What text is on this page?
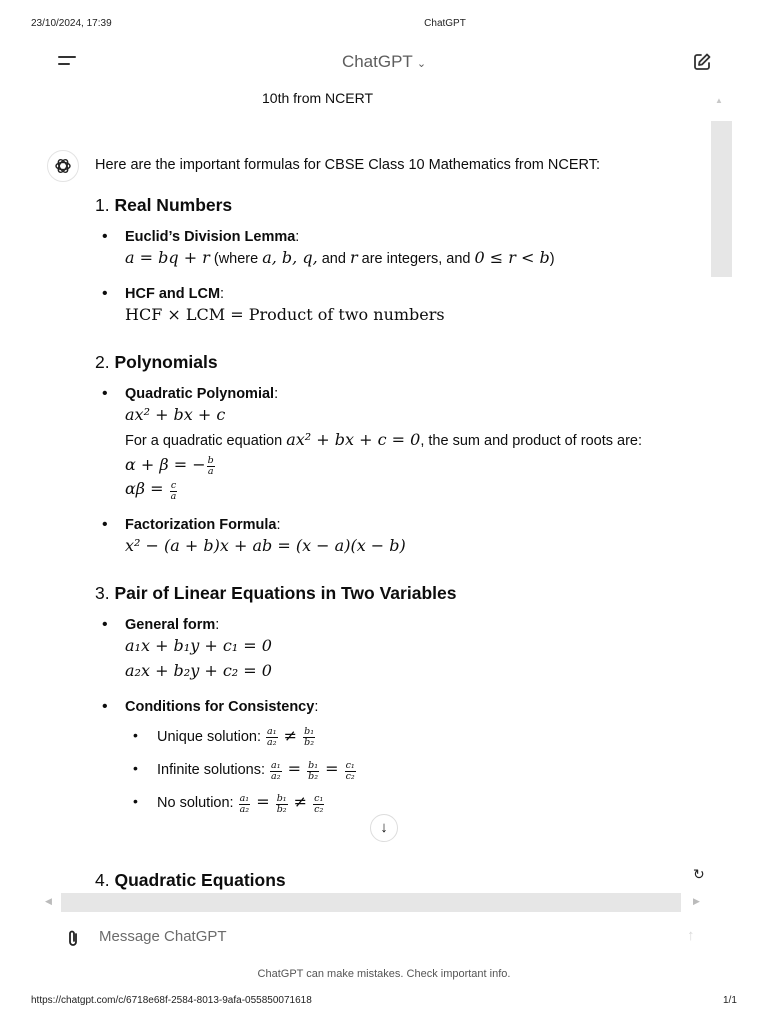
23/10/2024, 17:39	ChatGPT
ChatGPT ⌄
10th from NCERT	▲

Here are the important formulas for CBSE Class 10 Mathematics from NCERT:

1. Real Numbers
• Euclid’s Division Lemma:
a = bq + r (where a, b, q, and r are integers, and 0 ≤ r < b)
• HCF and LCM:
HCF × LCM = Product of two numbers
2. Polynomials
• Quadratic Polynomial:
ax² + bx + c
For a quadratic equation ax² + bx + c = 0, the sum and product of roots are:
α + β = − $\frac{b}{a}$
$\alpha\beta = \frac{c}{a}$
• Factorization Formula:
x² − (a + b)x + ab = (x − a)(x − b)
3. Pair of Linear Equations in Two Variables
• General form:
a₁x + b₁y + c₁ = 0
a₂x + b₂y + c₂ = 0
• Conditions for Consistency:
• Unique solution: $\frac{\text{a₁}}{\text{a₂}} \ne \frac{\text{b₁}}{\text{b₂}}$
• Infinite solutions: $\frac{\text{a₁}}{\text{a₂}} = \frac{\text{b₁}}{\text{b₂}} = \frac{\text{c₁}}{\text{c₂}}$
• No solution: $\frac{\text{a₁}}{\text{a₂}} = \frac{\text{b₁}}{\text{b₂}} \ne \frac{\text{c₁}}{\text{c₂}}$
4. Quadratic Equations
↓
↻
◀	▶
Message ChatGPT
↑
ChatGPT can make mistakes. Check important info.
https://chatgpt.com/c/6718e68f-2584-8013-9afa-055850071618	1/1
